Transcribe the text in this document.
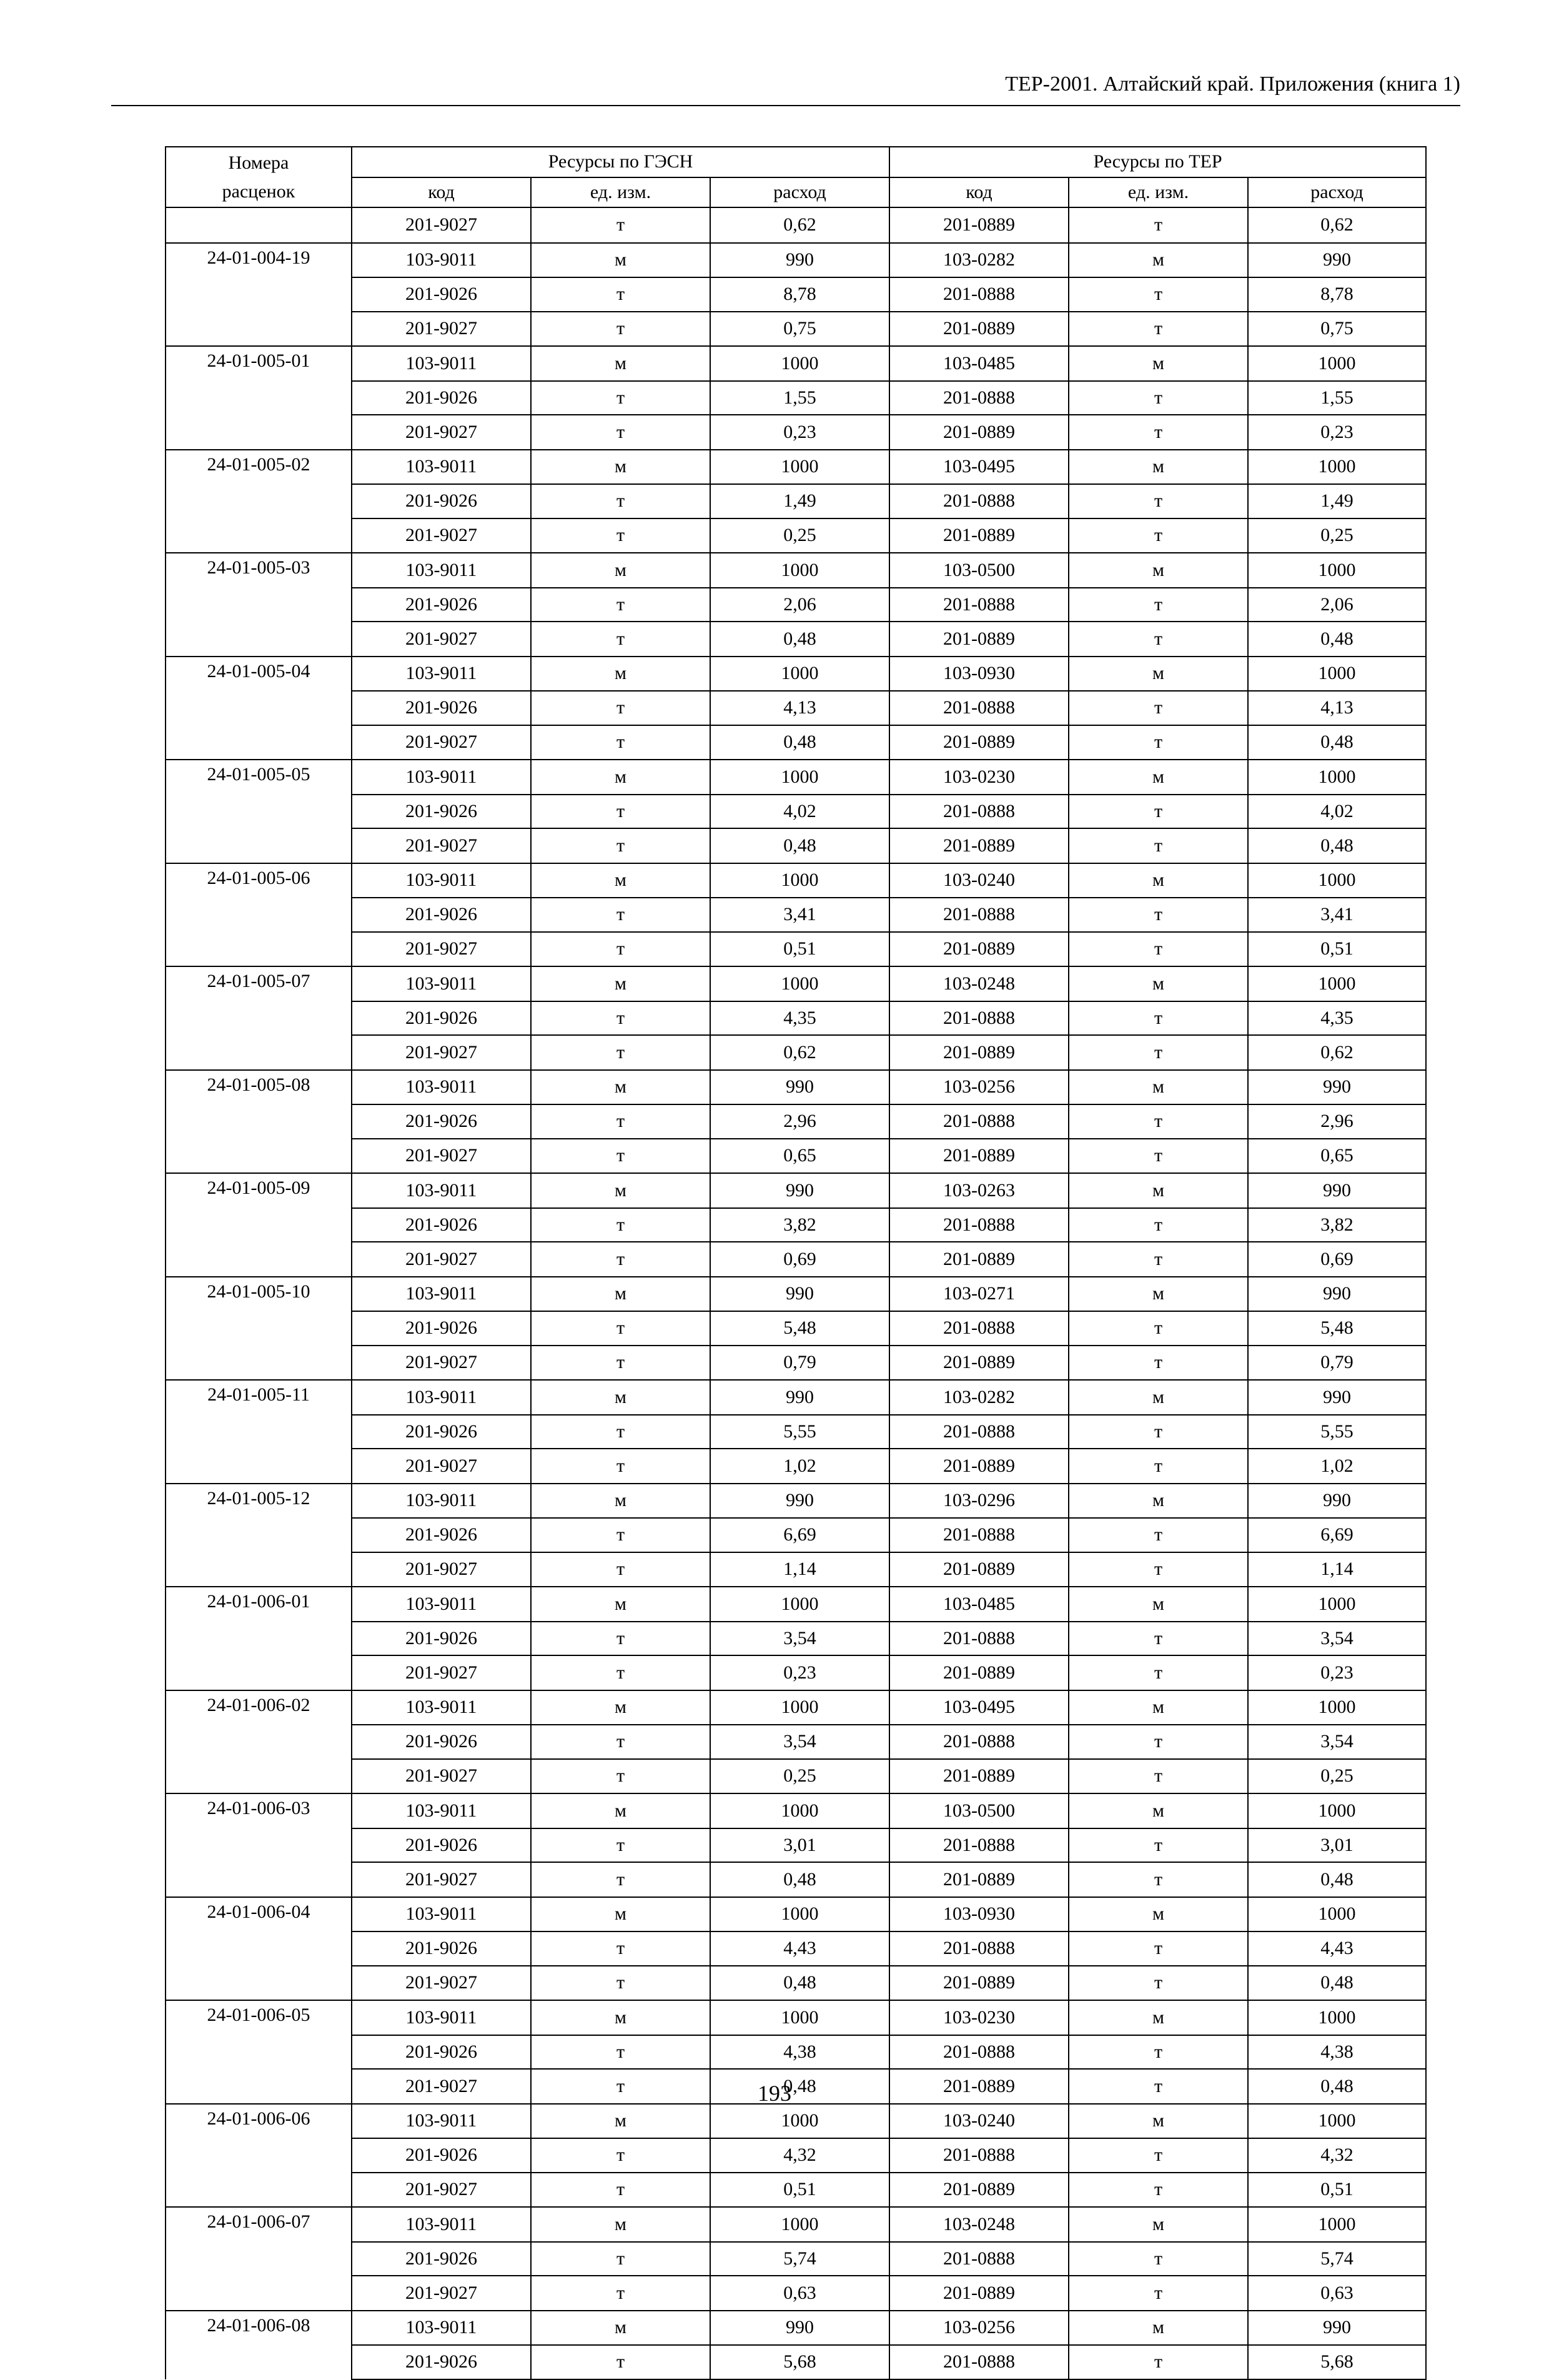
ТЕР-2001. Алтайский край. Приложения (книга 1)
Номера
расценок	Ресурсы по ГЭСН			Ресурсы по ТЕР		
	код	ед. изм.	расход	код	ед. изм.	расход
	201-9027	т	0,62	201-0889	т	0,62
24-01-004-19	103-9011	м	990	103-0282	м	990
	201-9026	т	8,78	201-0888	т	8,78
	201-9027	т	0,75	201-0889	т	0,75
24-01-005-01	103-9011	м	1000	103-0485	м	1000
	201-9026	т	1,55	201-0888	т	1,55
	201-9027	т	0,23	201-0889	т	0,23
24-01-005-02	103-9011	м	1000	103-0495	м	1000
	201-9026	т	1,49	201-0888	т	1,49
	201-9027	т	0,25	201-0889	т	0,25
24-01-005-03	103-9011	м	1000	103-0500	м	1000
	201-9026	т	2,06	201-0888	т	2,06
	201-9027	т	0,48	201-0889	т	0,48
24-01-005-04	103-9011	м	1000	103-0930	м	1000
	201-9026	т	4,13	201-0888	т	4,13
	201-9027	т	0,48	201-0889	т	0,48
24-01-005-05	103-9011	м	1000	103-0230	м	1000
	201-9026	т	4,02	201-0888	т	4,02
	201-9027	т	0,48	201-0889	т	0,48
24-01-005-06	103-9011	м	1000	103-0240	м	1000
	201-9026	т	3,41	201-0888	т	3,41
	201-9027	т	0,51	201-0889	т	0,51
24-01-005-07	103-9011	м	1000	103-0248	м	1000
	201-9026	т	4,35	201-0888	т	4,35
	201-9027	т	0,62	201-0889	т	0,62
24-01-005-08	103-9011	м	990	103-0256	м	990
	201-9026	т	2,96	201-0888	т	2,96
	201-9027	т	0,65	201-0889	т	0,65
24-01-005-09	103-9011	м	990	103-0263	м	990
	201-9026	т	3,82	201-0888	т	3,82
	201-9027	т	0,69	201-0889	т	0,69
24-01-005-10	103-9011	м	990	103-0271	м	990
	201-9026	т	5,48	201-0888	т	5,48
	201-9027	т	0,79	201-0889	т	0,79
24-01-005-11	103-9011	м	990	103-0282	м	990
	201-9026	т	5,55	201-0888	т	5,55
	201-9027	т	1,02	201-0889	т	1,02
24-01-005-12	103-9011	м	990	103-0296	м	990
	201-9026	т	6,69	201-0888	т	6,69
	201-9027	т	1,14	201-0889	т	1,14
24-01-006-01	103-9011	м	1000	103-0485	м	1000
	201-9026	т	3,54	201-0888	т	3,54
	201-9027	т	0,23	201-0889	т	0,23
24-01-006-02	103-9011	м	1000	103-0495	м	1000
	201-9026	т	3,54	201-0888	т	3,54
	201-9027	т	0,25	201-0889	т	0,25
24-01-006-03	103-9011	м	1000	103-0500	м	1000
	201-9026	т	3,01	201-0888	т	3,01
	201-9027	т	0,48	201-0889	т	0,48
24-01-006-04	103-9011	м	1000	103-0930	м	1000
	201-9026	т	4,43	201-0888	т	4,43
	201-9027	т	0,48	201-0889	т	0,48
24-01-006-05	103-9011	м	1000	103-0230	м	1000
	201-9026	т	4,38	201-0888	т	4,38
	201-9027	т	0,48	201-0889	т	0,48
24-01-006-06	103-9011	м	1000	103-0240	м	1000
	201-9026	т	4,32	201-0888	т	4,32
	201-9027	т	0,51	201-0889	т	0,51
24-01-006-07	103-9011	м	1000	103-0248	м	1000
	201-9026	т	5,74	201-0888	т	5,74
	201-9027	т	0,63	201-0889	т	0,63
24-01-006-08	103-9011	м	990	103-0256	м	990
	201-9026	т	5,68	201-0888	т	5,68
193
